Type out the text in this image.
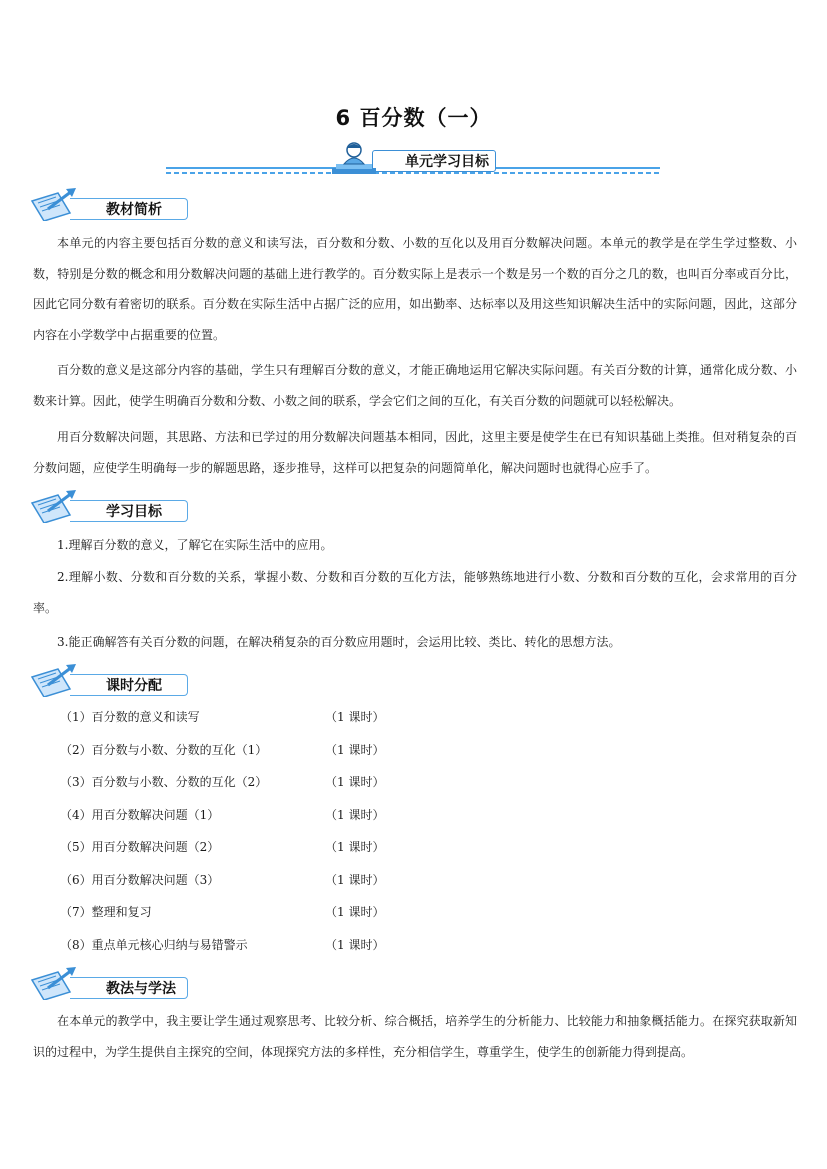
6 百分数（一）
单元学习目标
教材简析

本单元的内容主要包括百分数的意义和读写法，百分数和分数、小数的互化以及用百分数解决问题。本单元的教学是在学生学过整数、小数，特别是分数的概念和用分数解决问题的基础上进行教学的。百分数实际上是表示一个数是另一个数的百分之几的数，也叫百分率或百分比，因此它同分数有着密切的联系。百分数在实际生活中占据广泛的应用，如出勤率、达标率以及用这些知识解决生活中的实际问题，因此，这部分内容在小学数学中占据重要的位置。

百分数的意义是这部分内容的基础，学生只有理解百分数的意义，才能正确地运用它解决实际问题。有关百分数的计算，通常化成分数、小数来计算。因此，使学生明确百分数和分数、小数之间的联系，学会它们之间的互化，有关百分数的问题就可以轻松解决。

用百分数解决问题，其思路、方法和已学过的用分数解决问题基本相同，因此，这里主要是使学生在已有知识基础上类推。但对稍复杂的百分数问题，应使学生明确每一步的解题思路，逐步推导，这样可以把复杂的问题简单化，解决问题时也就得心应手了。

学习目标

1.理解百分数的意义，了解它在实际生活中的应用。

2.理解小数、分数和百分数的关系，掌握小数、分数和百分数的互化方法，能够熟练地进行小数、分数和百分数的互化，会求常用的百分率。

3.能正确解答有关百分数的问题，在解决稍复杂的百分数应用题时，会运用比较、类比、转化的思想方法。

课时分配
（1）百分数的意义和读写	（1 课时）
（2）百分数与小数、分数的互化（1）	（1 课时）
（3）百分数与小数、分数的互化（2）	（1 课时）
（4）用百分数解决问题（1）	（1 课时）
（5）用百分数解决问题（2）	（1 课时）
（6）用百分数解决问题（3）	（1 课时）
（7）整理和复习	（1 课时）
（8）重点单元核心归纳与易错警示	（1 课时）
教法与学法

在本单元的教学中，我主要让学生通过观察思考、比较分析、综合概括，培养学生的分析能力、比较能力和抽象概括能力。在探究获取新知识的过程中，为学生提供自主探究的空间，体现探究方法的多样性，充分相信学生，尊重学生，使学生的创新能力得到提高。
